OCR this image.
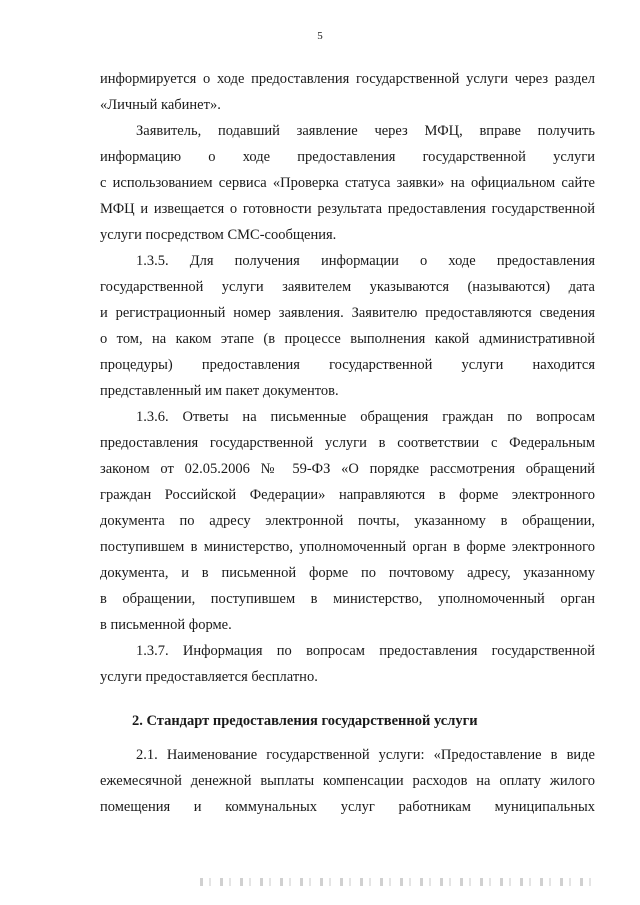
5
информируется о ходе предоставления государственной услуги через раздел
«Личный кабинет».
Заявитель, подавший заявление через МФЦ, вправе получить
информацию о ходе предоставления государственной услуги
с использованием сервиса «Проверка статуса заявки» на официальном сайте
МФЦ и извещается о готовности результата предоставления государственной
услуги посредством СМС-сообщения.
1.3.5. Для получения информации о ходе предоставления
государственной услуги заявителем указываются (называются) дата
и регистрационный номер заявления. Заявителю предоставляются сведения
о том, на каком этапе (в процессе выполнения какой административной
процедуры) предоставления государственной услуги находится
представленный им пакет документов.
1.3.6. Ответы на письменные обращения граждан по вопросам
предоставления государственной услуги в соответствии с Федеральным
законом от 02.05.2006 № 59-ФЗ «О порядке рассмотрения обращений
граждан Российской Федерации» направляются в форме электронного
документа по адресу электронной почты, указанному в обращении,
поступившем в министерство, уполномоченный орган в форме электронного
документа, и в письменной форме по почтовому адресу, указанному
в обращении, поступившем в министерство, уполномоченный орган
в письменной форме.
1.3.7. Информация по вопросам предоставления государственной
услуги предоставляется бесплатно.
2. Стандарт предоставления государственной услуги
2.1. Наименование государственной услуги: «Предоставление в виде
ежемесячной денежной выплаты компенсации расходов на оплату жилого
помещения и коммунальных услуг работникам муниципальных
